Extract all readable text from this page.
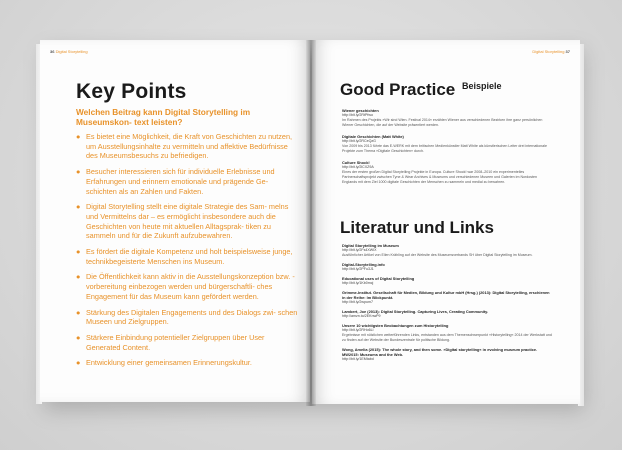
36 Digital Storytelling
Key Points
Welchen Beitrag kann Digital Storytelling im Museumskon- text leisten?
● Es bietet eine Möglichkeit, die Kraft von Geschichten zu nutzen, um Ausstellungsinhalte zu vermitteln und affektive Bedürfnisse des Museumsbesuchs zu befriedigen.
● Besucher interessieren sich für individuelle Erlebnisse und Erfahrungen und erinnern emotionale und prägende Ge- schichten als an Zahlen und Fakten.
● Digital Storytelling stellt eine digitale Strategie des Sam- melns und Vermittelns dar – es ermöglicht insbesondere auch die Geschichten von heute mit aktuellen Alltagsprak- tiken zu sammeln und für die Zukunft aufzubewahren.
● Es fördert die digitale Kompetenz und holt beispielsweise junge, technikbegeisterte Menschen ins Museum.
● Die Öffentlichkeit kann aktiv in die Ausstellungskonzeption bzw. -vorbereitung einbezogen werden und bürgerschaftli- ches Engagement für das Museum kann gefördert werden.
● Stärkung des Digitalen Engagements und des Dialogs zwi- schen Museen und Zielgruppen.
● Stärkere Einbindung potentieller Zielgruppen über User Generated Content.
● Entwicklung einer gemeinsamen Erinnerungskultur.
Digital Storytelling 37
Good Practice $^{Beispiele}$
Wiener geschichten
http://bit.ly/2RtPfwo
Im Rahmen des Projekts »Wir sind Wien. Festival 2014« erzählen Wiener aus verschiedenen Bezirken ihre ganz persönlichen Wiener Geschichten, die auf der Website präsentiert werden.
Digitale Geschichten (Matt White)
http://bit.ly/2RCeQzG
Von 2009 bis 2013 führte das E-WERK mit dem britischen Medienkünstler Matt White als künstlerischen Leiter drei internationale Projekte zum Thema »Digitale Geschichten« durch.
Culture Shock!
http://bit.ly/2lCXZ9A
Eines der ersten großen Digital Storytelling Projekte in Europa. Culture Shock! war 2008–2010 ein experimentelles Partnerschaftsprojekt zwischen Tyne & Wear Archives & Museums und verschiedenen Museen und Galerien im Nordosten Englands mit dem Ziel 1000 digitale Geschichten der Menschen zu sammeln und medial zu bewahren.
Literatur und Links
Digital Storytelling im Museum
http://bit.ly/2Fs4XWIX
Ausführlicher Artikel von Ellen Krähling auf der Website des Museumsverbands SH über Digital Storytelling im Museum.
Digital-Storytelling.info
http://bit.ly/2PFu3J1
Educational uses of Digital Storytelling
http://bit.ly/1Kb0mcj
Grimme-Institut. Gesellschaft für Medien, Bildung und Kultur mbH (Hrsg.) (2013): Digital Storytelling, erschienen in der Reihe: Im Blickpunkt.
http://bit.ly/2wpum7
Lambert, Joe (2013): Digital Storytelling. Capturing Lives, Creating Community.
http://amzn.to/2EKnwP9
Unsere 10 wichtigsten Beobachtungen zum Historytelling
http://bit.ly/2RHo6Ll
Ergebnisse mit nützlichen weiterführenden Links, entstanden aus dem Themenschwerpunkt »Historytelling« 2014 der Werkstatt und zu finden auf der Website der Bundeszentrale für politische Bildung.
Wong, Amelia (2015): The whole story, and then some. »Digital storytelling« in evolving museum practice. MW2015: Museums and the Web.
http://bit.ly/1EMtabd
